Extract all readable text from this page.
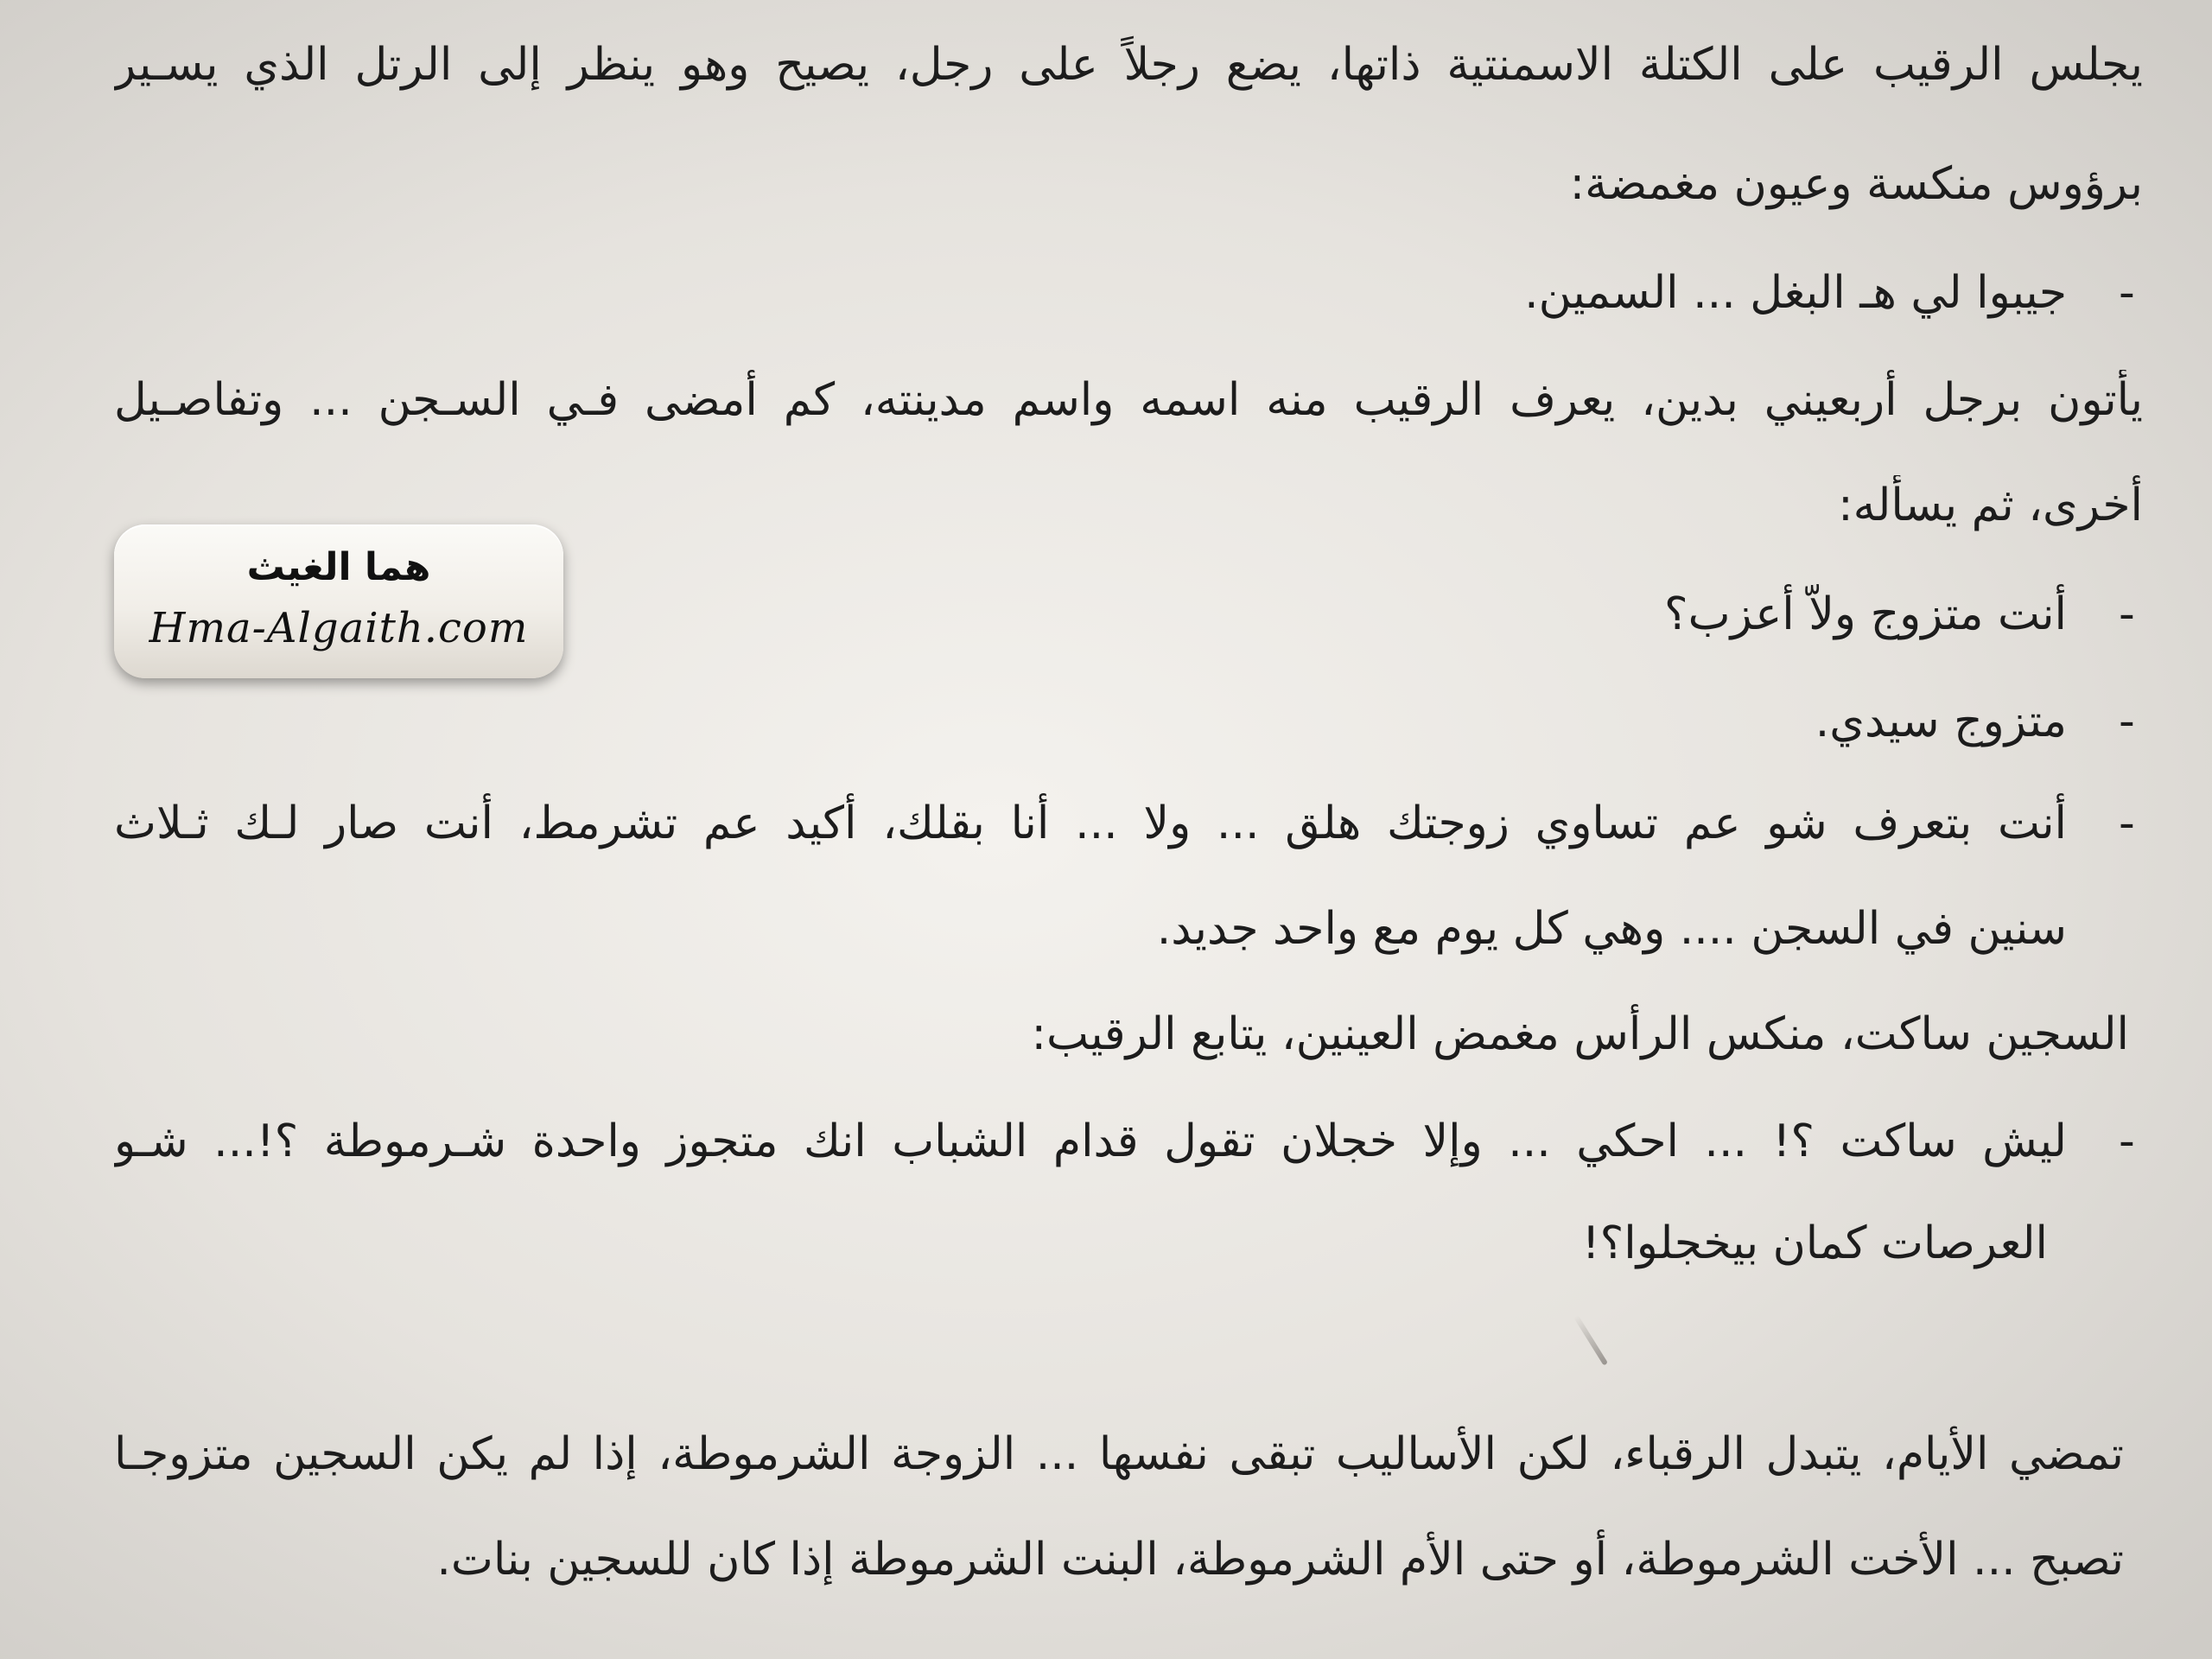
يجلس الرقيب على الكتلة الاسمنتية ذاتها، يضع رجلاً على رجل، يصيح وهو ينظر إلى الرتل الذي يسـير
برؤوس منكسة وعيون مغمضة:
-
جيبوا لي هـ البغل ... السمين.
يأتون برجل أربعيني بدين، يعرف الرقيب منه اسمه واسم مدينته، كم أمضى فـي السـجن ... وتفاصـيل
أخرى، ثم يسأله:
-
أنت متزوج ولاّ أعزب؟
-
متزوج سيدي.
-
أنت بتعرف شو عم تساوي زوجتك هلق ... ولا ... أنا بقلك، أكيد عم تشرمط، أنت صار لـك ثـلاث
سنين في السجن .... وهي كل يوم مع واحد جديد.
السجين ساكت، منكس الرأس مغمض العينين، يتابع الرقيب:
-
ليش ساكت ؟! ... احكي ... وإلا خجلان تقول قدام الشباب انك متجوز واحدة شـرموطة ؟!... شـو
العرصات كمان بيخجلوا؟!
تمضي الأيام، يتبدل الرقباء، لكن الأساليب تبقى نفسها ... الزوجة الشرموطة، إذا لم يكن السجين متزوجـا
تصبح ... الأخت الشرموطة، أو حتى الأم الشرموطة، البنت الشرموطة إذا كان للسجين بنات.
هما الغيث
Hma-Algaith.com
